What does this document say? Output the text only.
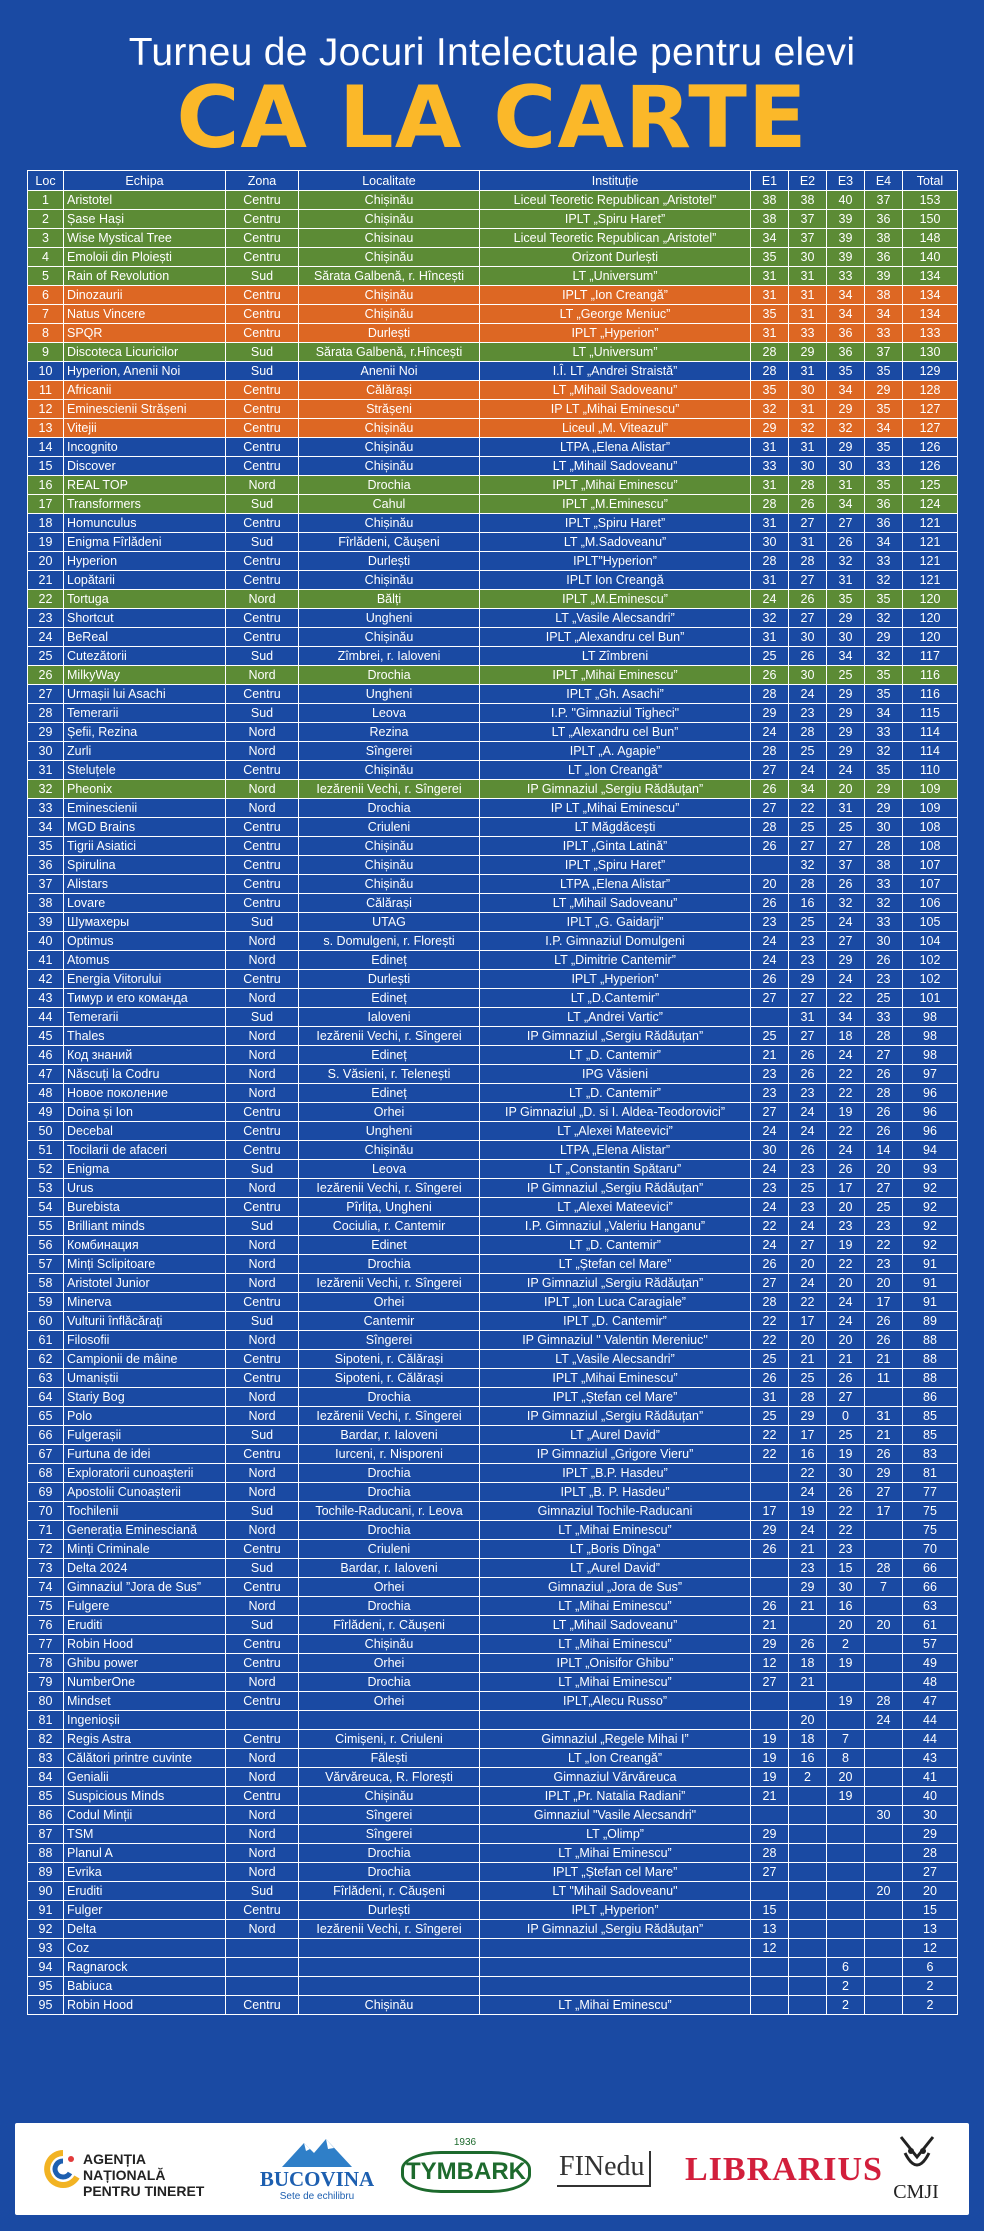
Turneu de Jocuri Intelectuale pentru elevi
CA LA CARTE
Loc	Echipa	Zona	Localitate	Instituție	E1	E2	E3	E4	Total
1	Aristotel	Centru	Chișinău	Liceul Teoretic Republican „Aristotel”	38	38	40	37	153
2	Șase Hași	Centru	Chișinău	IPLT „Spiru Haret”	38	37	39	36	150
3	Wise Mystical Tree	Centru	Chisinau	Liceul Teoretic Republican „Aristotel”	34	37	39	38	148
4	Emoloii din Ploiești	Centru	Chișinău	Orizont Durlești	35	30	39	36	140
5	Rain of Revolution	Sud	Sărata Galbenă, r. Hîncești	LT „Universum”	31	31	33	39	134
6	Dinozaurii	Centru	Chișinău	IPLT „Ion Creangă”	31	31	34	38	134
7	Natus Vincere	Centru	Chișinău	LT „George Meniuc”	35	31	34	34	134
8	SPQR	Centru	Durlești	IPLT „Hyperion”	31	33	36	33	133
9	Discoteca Licuricilor	Sud	Sărata Galbenă, r.Hîncești	LT „Universum”	28	29	36	37	130
10	Hyperion, Anenii Noi	Sud	Anenii Noi	I.Î. LT „Andrei Straistă”	28	31	35	35	129
11	Africanii	Centru	Călărași	LT „Mihail Sadoveanu”	35	30	34	29	128
12	Eminescienii Strășeni	Centru	Strășeni	IP LT „Mihai Eminescu”	32	31	29	35	127
13	Vitejii	Centru	Chișinău	Liceul „M. Viteazul”	29	32	32	34	127
14	Incognito	Centru	Chișinău	LTPA „Elena Alistar”	31	31	29	35	126
15	Discover	Centru	Chișinău	LT „Mihail Sadoveanu”	33	30	30	33	126
16	REAL TOP	Nord	Drochia	IPLT „Mihai Eminescu”	31	28	31	35	125
17	Transformers	Sud	Cahul	IPLT „M.Eminescu”	28	26	34	36	124
18	Homunculus	Centru	Chișinău	IPLT „Spiru Haret”	31	27	27	36	121
19	Enigma Fîrlădeni	Sud	Fîrlădeni, Căușeni	LT „M.Sadoveanu”	30	31	26	34	121
20	Hyperion	Centru	Durlești	IPLT”Hyperion”	28	28	32	33	121
21	Lopătarii	Centru	Chișinău	IPLT Ion Creangă	31	27	31	32	121
22	Tortuga	Nord	Bălți	IPLT „M.Eminescu”	24	26	35	35	120
23	Shortcut	Centru	Ungheni	LT „Vasile Alecsandri”	32	27	29	32	120
24	BeReal	Centru	Chișinău	IPLT „Alexandru cel Bun”	31	30	30	29	120
25	Cutezătorii	Sud	Zîmbrei, r. Ialoveni	LT Zîmbreni	25	26	34	32	117
26	MilkyWay	Nord	Drochia	IPLT „Mihai Eminescu”	26	30	25	35	116
27	Urmașii lui Asachi	Centru	Ungheni	IPLT „Gh. Asachi”	28	24	29	35	116
28	Temerarii	Sud	Leova	I.P. "Gimnaziul Tigheci"	29	23	29	34	115
29	Șefii, Rezina	Nord	Rezina	LT „Alexandru cel Bun”	24	28	29	33	114
30	Zurli	Nord	Sîngerei	IPLT „A. Agapie”	28	25	29	32	114
31	Steluțele	Centru	Chișinău	LT „Ion Creangă”	27	24	24	35	110
32	Pheonix	Nord	Iezărenii Vechi, r. Sîngerei	IP Gimnaziul „Sergiu Rădăuțan”	26	34	20	29	109
33	Eminescienii	Nord	Drochia	IP LT „Mihai Eminescu”	27	22	31	29	109
34	MGD Brains	Centru	Criuleni	LT Măgdăcești	28	25	25	30	108
35	Tigrii Asiatici	Centru	Chișinău	IPLT „Ginta Latină”	26	27	27	28	108
36	Spirulina	Centru	Chișinău	IPLT „Spiru Haret”		32	37	38	107
37	Alistars	Centru	Chișinău	LTPA „Elena Alistar”	20	28	26	33	107
38	Lovare	Centru	Călărași	LT „Mihail Sadoveanu”	26	16	32	32	106
39	Шумахеры	Sud	UTAG	IPLT „G. Gaidarji”	23	25	24	33	105
40	Optimus	Nord	s. Domulgeni, r. Florești	I.P. Gimnaziul Domulgeni	24	23	27	30	104
41	Atomus	Nord	Edineț	LT „Dimitrie Cantemir”	24	23	29	26	102
42	Energia Viitorului	Centru	Durlești	IPLT „Hyperion”	26	29	24	23	102
43	Тимур и его команда	Nord	Edineț	LT „D.Cantemir”	27	27	22	25	101
44	Temerarii	Sud	Ialoveni	LT „Andrei Vartic”		31	34	33	98
45	Thales	Nord	Iezărenii Vechi, r. Sîngerei	IP Gimnaziul „Sergiu Rădăuțan”	25	27	18	28	98
46	Код знаний	Nord	Edineț	LT „D. Cantemir”	21	26	24	27	98
47	Născuți la Codru	Nord	S. Văsieni, r. Telenești	IPG Văsieni	23	26	22	26	97
48	Новое поколение	Nord	Edineț	LT „D. Cantemir”	23	23	22	28	96
49	Doina și Ion	Centru	Orhei	IP Gimnaziul „D. si I. Aldea-Teodorovici”	27	24	19	26	96
50	Decebal	Centru	Ungheni	LT „Alexei Mateevici”	24	24	22	26	96
51	Tocilarii de afaceri	Centru	Chișinău	LTPA „Elena Alistar”	30	26	24	14	94
52	Enigma	Sud	Leova	LT „Constantin Spătaru”	24	23	26	20	93
53	Urus	Nord	Iezărenii Vechi, r. Sîngerei	IP Gimnaziul „Sergiu Rădăuțan”	23	25	17	27	92
54	Burebista	Centru	Pîrlița, Ungheni	LT „Alexei Mateevici”	24	23	20	25	92
55	Brilliant minds	Sud	Cociulia, r. Cantemir	I.P. Gimnaziul „Valeriu Hanganu”	22	24	23	23	92
56	Комбинация	Nord	Edinet	LT „D. Cantemir”	24	27	19	22	92
57	Minți Sclipitoare	Nord	Drochia	LT „Ștefan cel Mare”	26	20	22	23	91
58	Aristotel Junior	Nord	Iezărenii Vechi, r. Sîngerei	IP Gimnaziul „Sergiu Rădăuțan”	27	24	20	20	91
59	Minerva	Centru	Orhei	IPLT „Ion Luca Caragiale”	28	22	24	17	91
60	Vulturii înflăcărați	Sud	Cantemir	IPLT „D. Cantemir”	22	17	24	26	89
61	Filosofii	Nord	Sîngerei	IP Gimnaziul " Valentin Mereniuc"	22	20	20	26	88
62	Campionii de mâine	Centru	Sipoteni, r. Călărași	LT „Vasile Alecsandri”	25	21	21	21	88
63	Umaniștii	Centru	Sipoteni, r. Călărași	IPLT „Mihai Eminescu”	26	25	26	11	88
64	Stariy Bog	Nord	Drochia	IPLT „Ștefan cel Mare”	31	28	27		86
65	Polo	Nord	Iezărenii Vechi, r. Sîngerei	IP Gimnaziul „Sergiu Rădăuțan”	25	29	0	31	85
66	Fulgerașii	Sud	Bardar, r. Ialoveni	LT „Aurel David”	22	17	25	21	85
67	Furtuna de idei	Centru	Iurceni, r. Nisporeni	IP Gimnaziul „Grigore Vieru”	22	16	19	26	83
68	Exploratorii cunoașterii	Nord	Drochia	IPLT „B.P. Hasdeu”		22	30	29	81
69	Apostolii Cunoașterii	Nord	Drochia	IPLT „B. P. Hasdeu”		24	26	27	77
70	Tochilenii	Sud	Tochile-Raducani, r. Leova	Gimnaziul Tochile-Raducani	17	19	22	17	75
71	Generația Eminesciană	Nord	Drochia	LT „Mihai Eminescu”	29	24	22		75
72	Minți Criminale	Centru	Criuleni	LT „Boris Dînga”	26	21	23		70
73	Delta 2024	Sud	Bardar, r. Ialoveni	LT „Aurel David”		23	15	28	66
74	Gimnaziul ”Jora de Sus”	Centru	Orhei	Gimnaziul „Jora de Sus”		29	30	7	66
75	Fulgere	Nord	Drochia	LT „Mihai Eminescu”	26	21	16		63
76	Eruditi	Sud	Fîrlădeni, r. Căușeni	LT „Mihail Sadoveanu”	21		20	20	61
77	Robin Hood	Centru	Chișinău	LT „Mihai Eminescu”	29	26	2		57
78	Ghibu power	Centru	Orhei	IPLT „Onisifor Ghibu”	12	18	19		49
79	NumberOne	Nord	Drochia	LT „Mihai Eminescu”	27	21			48
80	Mindset	Centru	Orhei	IPLT„Alecu Russo”			19	28	47
81	Ingenioșii					20		24	44
82	Regis Astra	Centru	Cimișeni, r. Criuleni	Gimnaziul „Regele Mihai I”	19	18	7		44
83	Călători printre cuvinte	Nord	Fălești	LT „Ion Creangă”	19	16	8		43
84	Genialii	Nord	Vărvăreuca, R. Florești	Gimnaziul Vărvăreuca	19	2	20		41
85	Suspicious Minds	Centru	Chișinău	IPLT „Pr. Natalia Radiani”	21		19		40
86	Codul Minții	Nord	Sîngerei	Gimnaziul "Vasile Alecsandri"				30	30
87	TSM	Nord	Sîngerei	LT „Olimp”	29				29
88	Planul A	Nord	Drochia	LT „Mihai Eminescu”	28				28
89	Evrika	Nord	Drochia	IPLT „Ștefan cel Mare”	27				27
90	Eruditi	Sud	Fîrlădeni, r. Căușeni	LT "Mihail Sadoveanu"				20	20
91	Fulger	Centru	Durlești	IPLT „Hyperion”	15				15
92	Delta	Nord	Iezărenii Vechi, r. Sîngerei	IP Gimnaziul „Sergiu Rădăuțan”	13				13
93	Coz				12				12
94	Ragnarock						6		6
95	Babiuca						2		2
95	Robin Hood	Centru	Chișinău	LT „Mihai Eminescu”			2		2
AGENȚIA
NAȚIONALĂ
PENTRU TINERET	BUCOVINA
Sete de echilibru
1936
TYMBARK FINedu LIBRARIUS
CMJI
